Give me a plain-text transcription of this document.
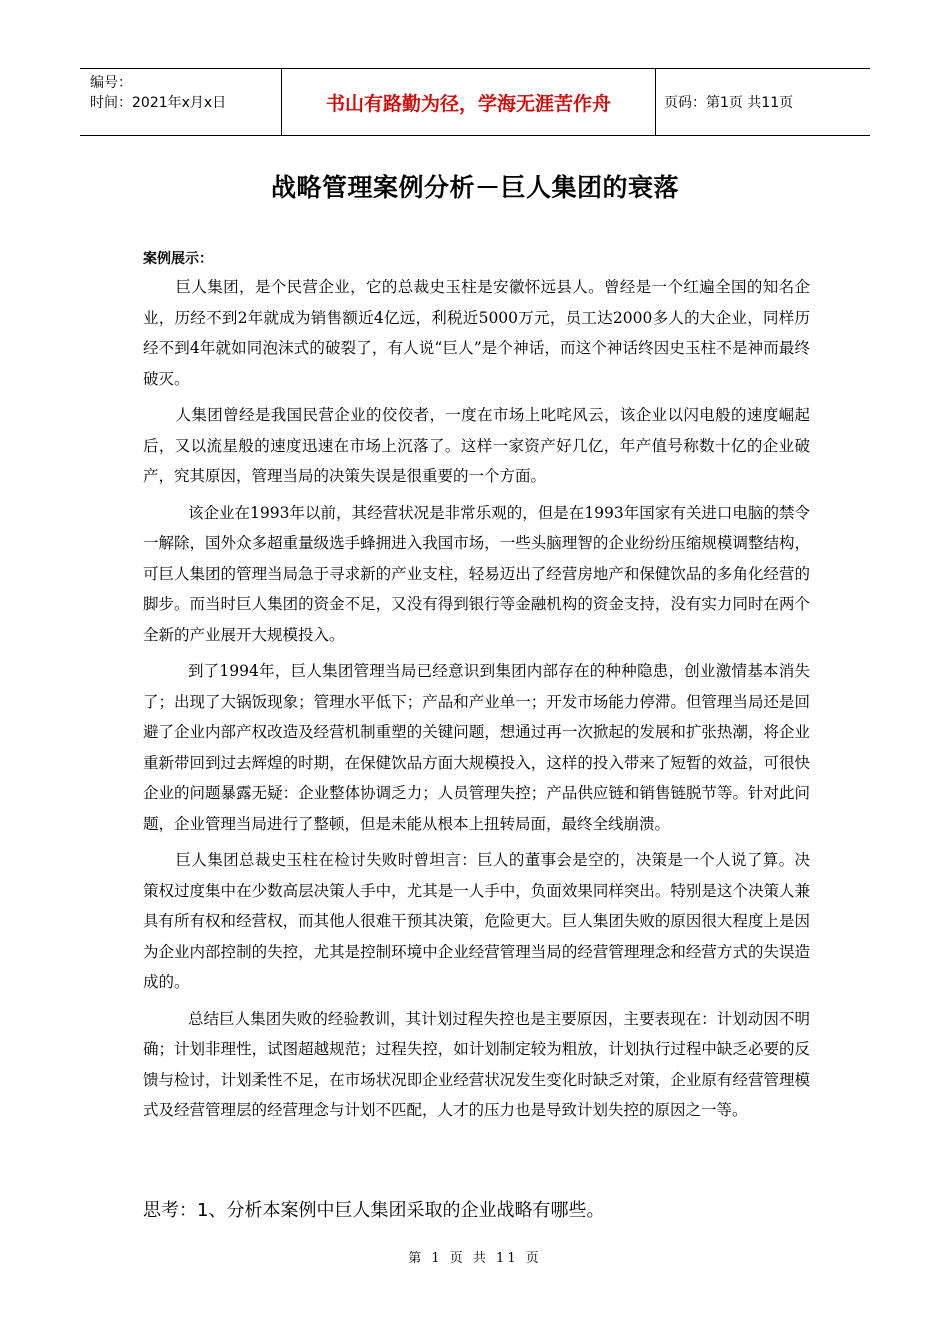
编号：
时间：2021年x月x日	书山有路勤为径，学海无涯苦作舟	页码：第1页 共11页
战略管理案例分析－巨人集团的衰落
案例展示：

巨人集团，是个民营企业，它的总裁史玉柱是安徽怀远县人。曾经是一个红遍全国的知名企业，历经不到2年就成为销售额近4亿远，利税近5000万元，员工达2000多人的大企业，同样历经不到4年就如同泡沫式的破裂了，有人说“巨人”是个神话，而这个神话终因史玉柱不是神而最终破灭。

人集团曾经是我国民营企业的佼佼者，一度在市场上叱咤风云，该企业以闪电般的速度崛起后，又以流星般的速度迅速在市场上沉落了。这样一家资产好几亿，年产值号称数十亿的企业破产，究其原因，管理当局的决策失误是很重要的一个方面。

该企业在1993年以前，其经营状况是非常乐观的，但是在1993年国家有关进口电脑的禁令一解除，国外众多超重量级选手蜂拥进入我国市场，一些头脑理智的企业纷纷压缩规模调整结构，可巨人集团的管理当局急于寻求新的产业支柱，轻易迈出了经营房地产和保健饮品的多角化经营的脚步。而当时巨人集团的资金不足，又没有得到银行等金融机构的资金支持，没有实力同时在两个全新的产业展开大规模投入。

到了1994年，巨人集团管理当局已经意识到集团内部存在的种种隐患，创业激情基本消失了；出现了大锅饭现象；管理水平低下；产品和产业单一；开发市场能力停滞。但管理当局还是回避了企业内部产权改造及经营机制重塑的关键问题，想通过再一次掀起的发展和扩张热潮，将企业重新带回到过去辉煌的时期，在保健饮品方面大规模投入，这样的投入带来了短暂的效益，可很快企业的问题暴露无疑：企业整体协调乏力；人员管理失控；产品供应链和销售链脱节等。针对此问题，企业管理当局进行了整顿，但是未能从根本上扭转局面，最终全线崩溃。

巨人集团总裁史玉柱在检讨失败时曾坦言：巨人的董事会是空的，决策是一个人说了算。决策权过度集中在少数高层决策人手中，尤其是一人手中，负面效果同样突出。特别是这个决策人兼具有所有权和经营权，而其他人很难干预其决策，危险更大。巨人集团失败的原因很大程度上是因为企业内部控制的失控，尤其是控制环境中企业经营管理当局的经营管理理念和经营方式的失误造成的。

总结巨人集团失败的经验教训，其计划过程失控也是主要原因，主要表现在：计划动因不明确；计划非理性，试图超越规范；过程失控，如计划制定较为粗放，计划执行过程中缺乏必要的反馈与检讨，计划柔性不足，在市场状况即企业经营状况发生变化时缺乏对策，企业原有经营管理模式及经营管理层的经营理念与计划不匹配，人才的压力也是导致计划失控的原因之一等。

思考：1、分析本案例中巨人集团采取的企业战略有哪些。
第 1 页 共 11 页
